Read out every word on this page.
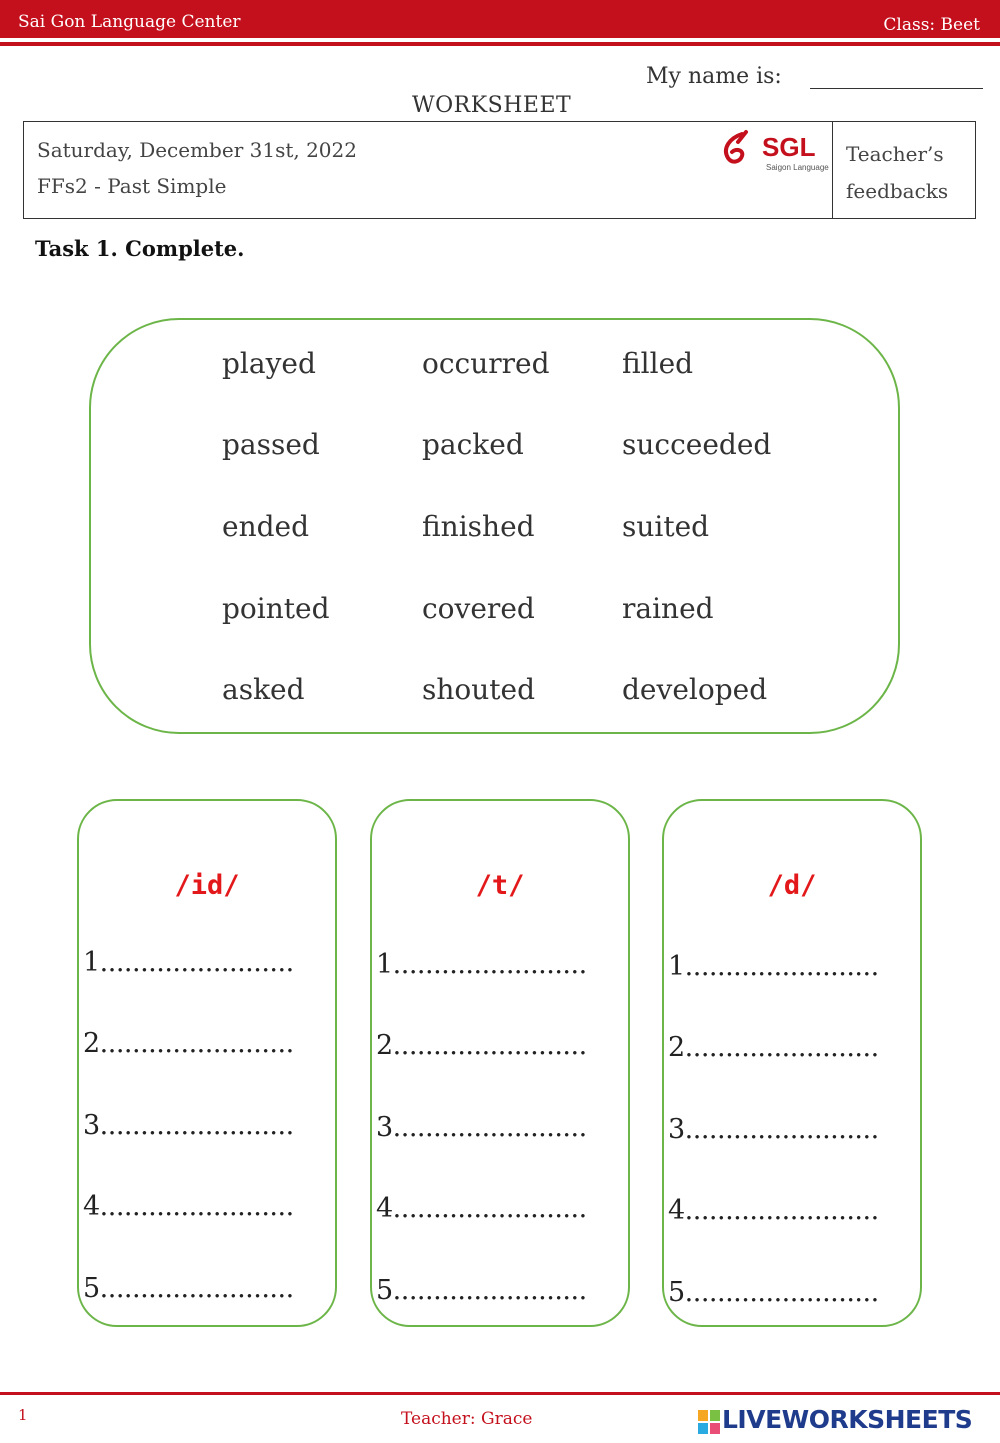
Sai Gon Language Center	Class: Beet
My name is:
WORKSHEET
Saturday, December 31st, 2022
FFs2 - Past Simple
SGL
Saigon Language
Teacher’s
feedbacks
Task 1. Complete.
played	occurred	filled
passed	packed	succeeded
ended	finished	suited
pointed	covered	rained
asked	shouted	developed
/id/
1........................
2........................
3........................
4........................
5........................
/t/
1........................
2........................
3........................
4........................
5........................
/d/
1........................
2........................
3........................
4........................
5........................
1	Teacher: Grace	LIVEWORKSHEETS
